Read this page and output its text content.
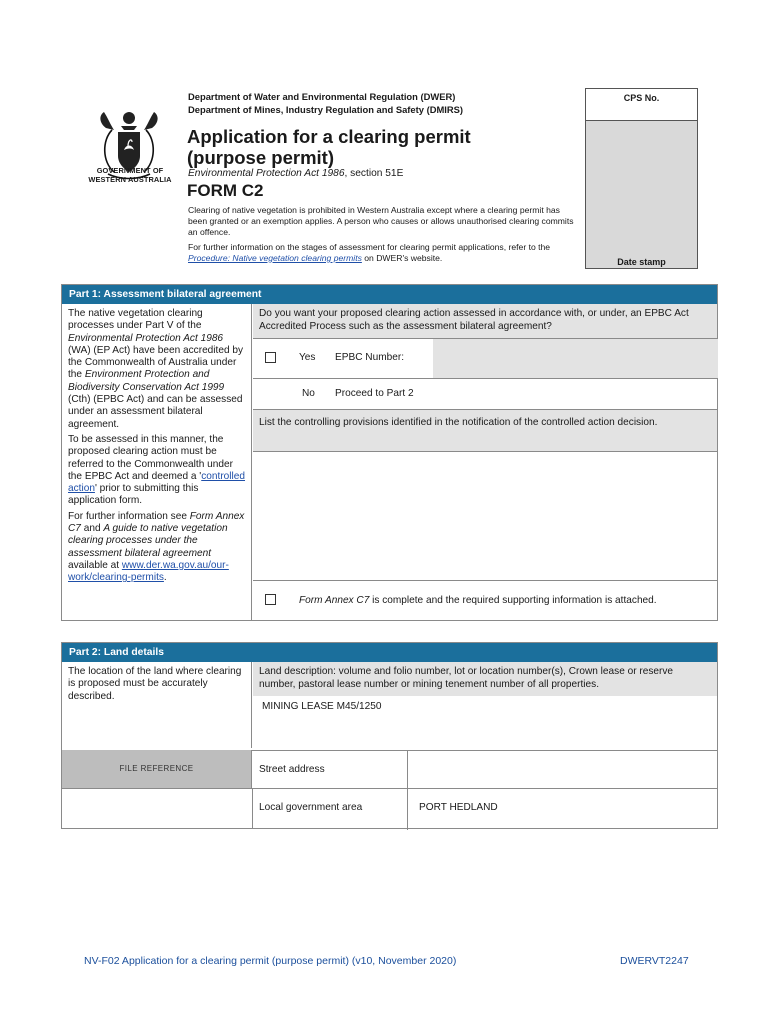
GOVERNMENT OF WESTERN AUSTRALIA
Department of Water and Environmental Regulation (DWER)
Department of Mines, Industry Regulation and Safety (DMIRS)
Application for a clearing permit
(purpose permit)
Environmental Protection Act 1986, section 51E
FORM C2

Clearing of native vegetation is prohibited in Western Australia except where a clearing permit has been granted or an exemption applies. A person who causes or allows unauthorised clearing commits an offence.

For further information on the stages of assessment for clearing permit applications, refer to the Procedure: Native vegetation clearing permits on DWER's website.

CPS No.
Date stamp
Part 1: Assessment bilateral agreement

The native vegetation clearing processes under Part V of the Environmental Protection Act 1986 (WA) (EP Act) have been accredited by the Commonwealth of Australia under the Environment Protection and Biodiversity Conservation Act 1999 (Cth) (EPBC Act) and can be assessed under an assessment bilateral agreement.

To be assessed in this manner, the proposed clearing action must be referred to the Commonwealth under the EPBC Act and deemed a 'controlled action' prior to submitting this application form.

For further information see Form Annex C7 and A guide to native vegetation clearing processes under the assessment bilateral agreement available at www.der.wa.gov.au/our-work/clearing-permits.

Do you want your proposed clearing action assessed in accordance with, or under, an EPBC Act Accredited Process such as the assessment bilateral agreement?
Yes EPBC Number:
No Proceed to Part 2
List the controlling provisions identified in the notification of the controlled action decision.
Form Annex C7 is complete and the required supporting information is attached.
Part 2: Land details

The location of the land where clearing is proposed must be accurately described.

FILE REFERENCE
Land description: volume and folio number, lot or location number(s), Crown lease or reserve number, pastoral lease number or mining tenement number of all properties.
MINING LEASE M45/1250
Street address
Local government area	PORT HEDLAND
NV-F02 Application for a clearing permit (purpose permit) (v10, November 2020)	DWERVT2247
